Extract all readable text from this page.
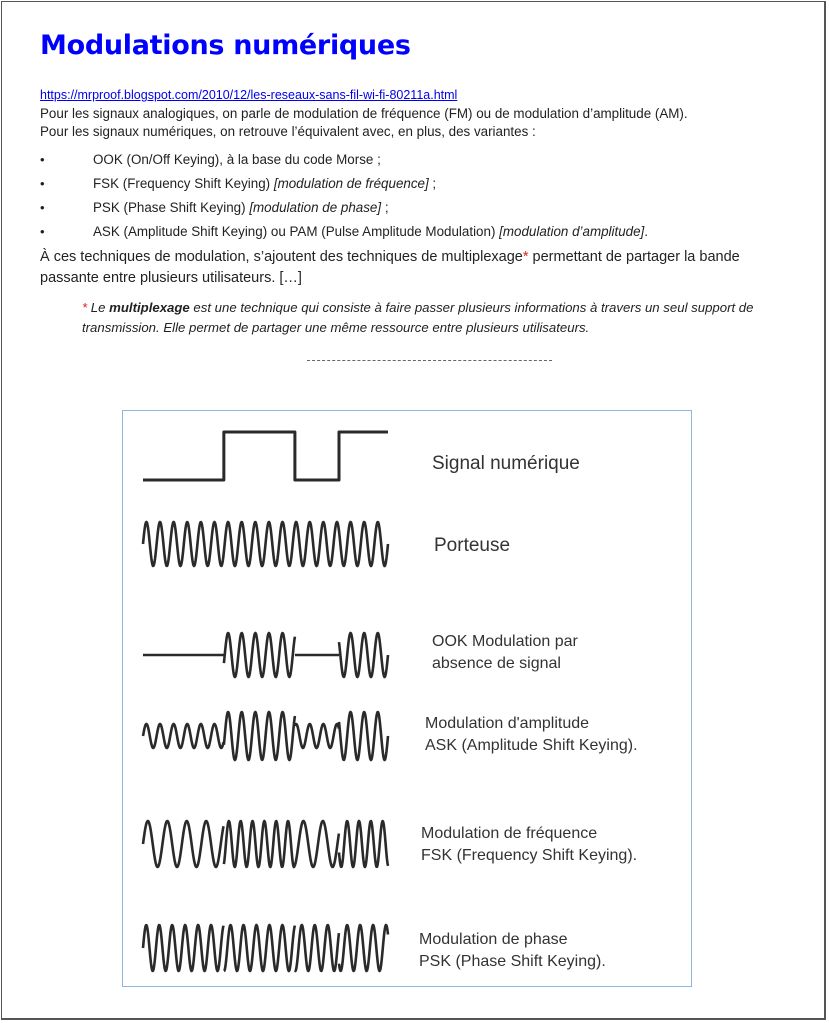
Modulations numériques
https://mrproof.blogspot.com/2010/12/les-reseaux-sans-fil-wi-fi-80211a.html
Pour les signaux analogiques, on parle de modulation de fréquence (FM) ou de modulation d’amplitude (AM).
Pour les signaux numériques, on retrouve l’équivalent avec, en plus, des variantes :
•	OOK (On/Off Keying), à la base du code Morse ;
•	FSK (Frequency Shift Keying) [modulation de fréquence] ;
•	PSK (Phase Shift Keying) [modulation de phase] ;
•	ASK (Amplitude Shift Keying) ou PAM (Pulse Amplitude Modulation) [modulation d’amplitude].
À ces techniques de modulation, s’ajoutent des techniques de multiplexage* permettant de partager la bande passante entre plusieurs utilisateurs. […]
* Le multiplexage est une technique qui consiste à faire passer plusieurs informations à travers un seul support de transmission. Elle permet de partager une même ressource entre plusieurs utilisateurs.
Signal numérique
Porteuse
OOK Modulation par
absence de signal
Modulation d'amplitude
ASK (Amplitude Shift Keying).
Modulation de fréquence
FSK (Frequency Shift Keying).
Modulation de phase
PSK (Phase Shift Keying).
